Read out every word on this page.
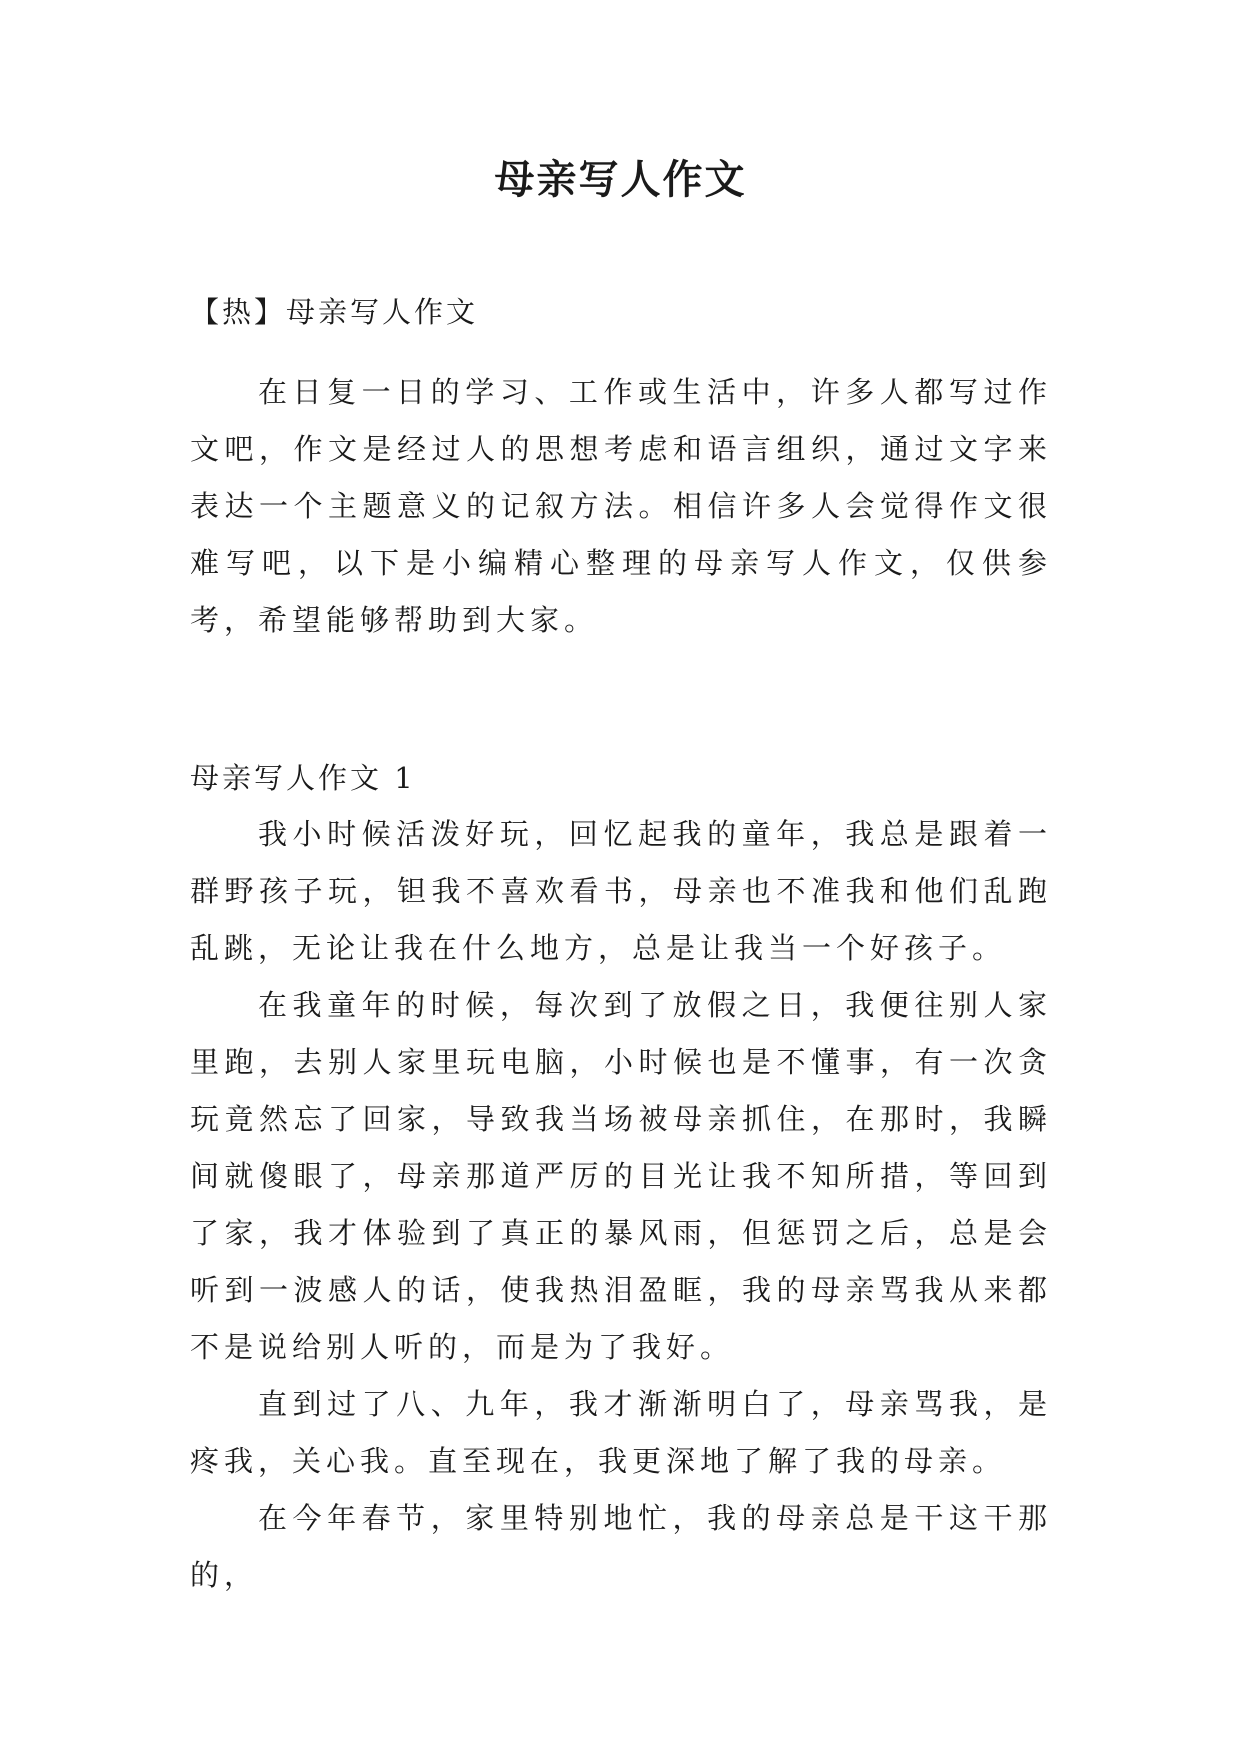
母亲写人作文

【热】母亲写人作文

在日复一日的学习、工作或生活中，许多人都写过作文吧，作文是经过人的思想考虑和语言组织，通过文字来表达一个主题意义的记叙方法。相信许多人会觉得作文很难写吧，以下是小编精心整理的母亲写人作文，仅供参考，希望能够帮助到大家。

母亲写人作文 1

我小时候活泼好玩，回忆起我的童年，我总是跟着一群野孩子玩，钽我不喜欢看书，母亲也不准我和他们乱跑乱跳，无论让我在什么地方，总是让我当一个好孩子。

在我童年的时候，每次到了放假之日，我便往别人家里跑，去别人家里玩电脑，小时候也是不懂事，有一次贪玩竟然忘了回家，导致我当场被母亲抓住，在那时，我瞬间就傻眼了，母亲那道严厉的目光让我不知所措，等回到了家，我才体验到了真正的暴风雨，但惩罚之后，总是会听到一波感人的话，使我热泪盈眶，我的母亲骂我从来都不是说给别人听的，而是为了我好。

直到过了八、九年，我才渐渐明白了，母亲骂我，是疼我，关心我。直至现在，我更深地了解了我的母亲。

在今年春节，家里特别地忙，我的母亲总是干这干那的，
